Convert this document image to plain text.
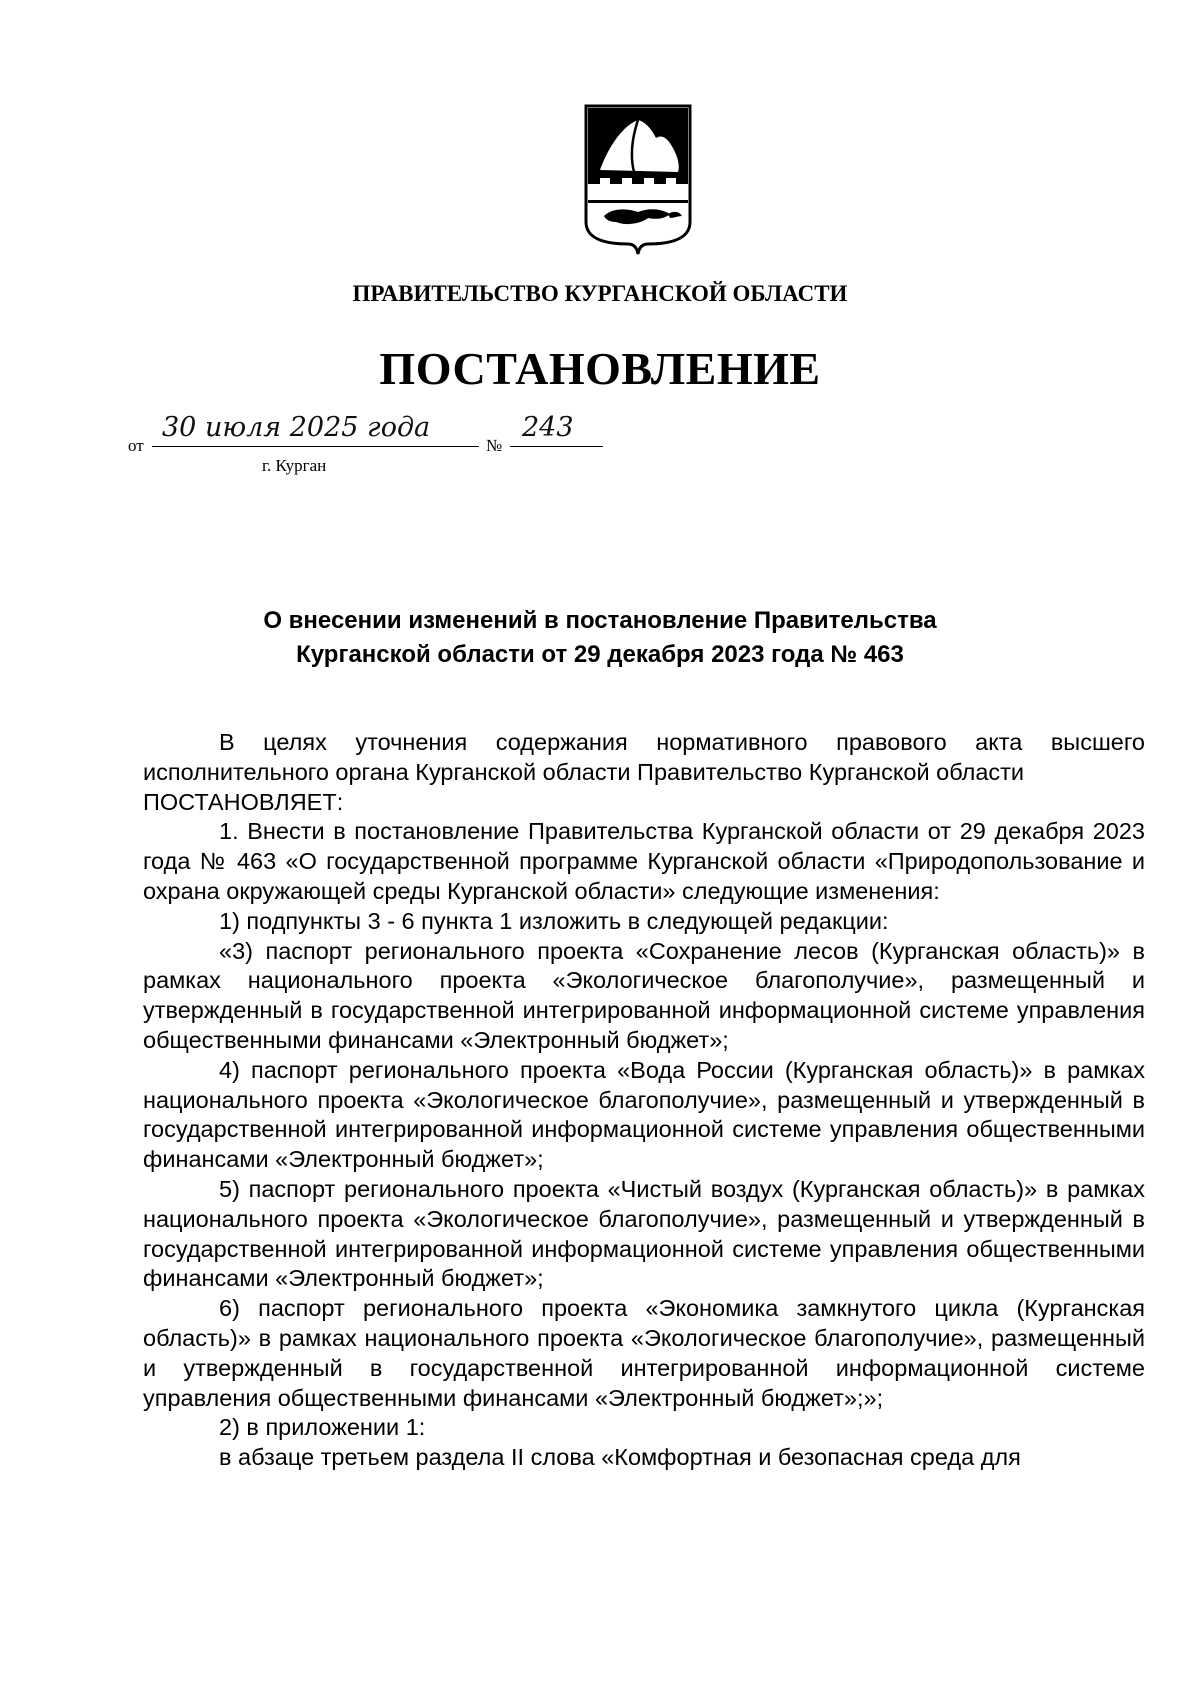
ПРАВИТЕЛЬСТВО КУРГАНСКОЙ ОБЛАСТИ
ПОСТАНОВЛЕНИЕ
от
30 июля 2025 года
№
243
г. Курган
О внесении изменений в постановление Правительства
Курганской области от 29 декабря 2023 года № 463

В целях уточнения содержания нормативного правового акта высшего исполнительного органа Курганской области Правительство Курганской области

ПОСТАНОВЛЯЕТ:

1. Внести в постановление Правительства Курганской области от 29 декабря 2023 года № 463 «О государственной программе Курганской области «Природопользование и охрана окружающей среды Курганской области» следующие изменения:

1) подпункты 3 - 6 пункта 1 изложить в следующей редакции:

«3) паспорт регионального проекта «Сохранение лесов (Курганская область)» в рамках национального проекта «Экологическое благополучие», размещенный и утвержденный в государственной интегрированной информационной системе управления общественными финансами «Электронный бюджет»;

4) паспорт регионального проекта «Вода России (Курганская область)» в рамках национального проекта «Экологическое благополучие», размещенный и утвержденный в государственной интегрированной информационной системе управления общественными финансами «Электронный бюджет»;

5) паспорт регионального проекта «Чистый воздух (Курганская область)» в рамках национального проекта «Экологическое благополучие», размещенный и утвержденный в государственной интегрированной информационной системе управления общественными финансами «Электронный бюджет»;

6) паспорт регионального проекта «Экономика замкнутого цикла (Курганская область)» в рамках национального проекта «Экологическое благополучие», размещенный и утвержденный в государственной интегрированной информационной системе управления общественными финансами «Электронный бюджет»;»;

2) в приложении 1:

в абзаце третьем раздела II слова «Комфортная и безопасная среда для
